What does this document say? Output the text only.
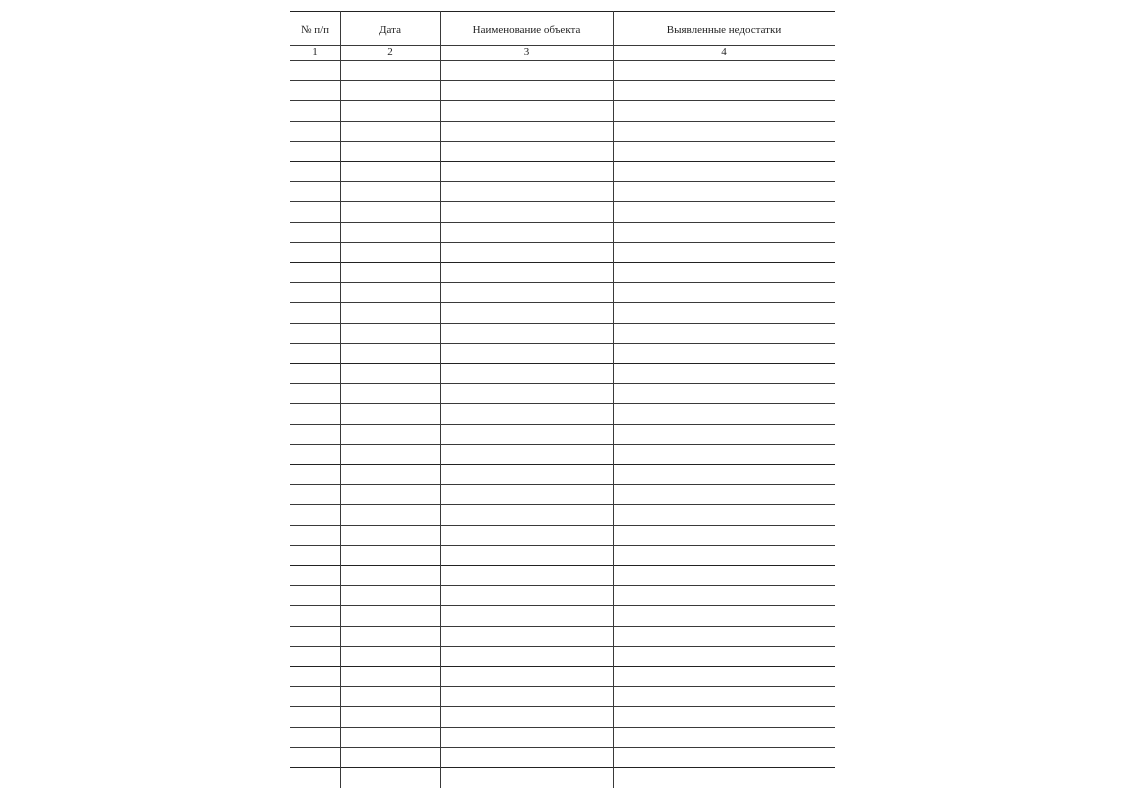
№ п/п	Дата	Наименование объекта	Выявленные недостатки
1	2	3	4
